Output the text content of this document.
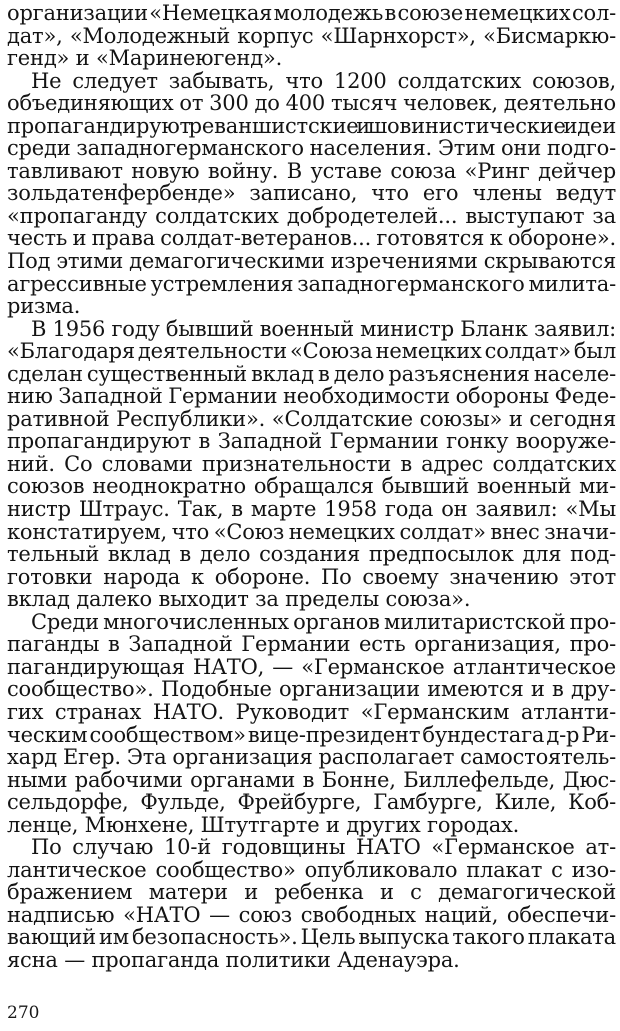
организации «Немецкая молодежь в союзе немецких сол-
дат», «Молодежный корпус «Шарнхорст», «Бисмаркю-
генд» и «Маринеюгенд».
Не следует забывать, что 1200 солдатских союзов,
объединяющих от 300 до 400 тысяч человек, деятельно
пропагандируют реваншистские и шовинистические идеи
среди западногерманского населения. Этим они подго-
тавливают новую войну. В уставе союза «Ринг дейчер
зольдатенфербенде» записано, что его члены ведут
«пропаганду солдатских добродетелей... выступают за
честь и права солдат-ветеранов... готовятся к обороне».
Под этими демагогическими изречениями скрываются
агрессивные устремления западногерманского милита-
ризма.
В 1956 году бывший военный министр Бланк заявил:
«Благодаря деятельности «Союза немецких солдат» был
сделан существенный вклад в дело разъяснения населе-
нию Западной Германии необходимости обороны Феде-
ративной Республики». «Солдатские союзы» и сегодня
пропагандируют в Западной Германии гонку вооруже-
ний. Со словами признательности в адрес солдатских
союзов неоднократно обращался бывший военный ми-
нистр Штраус. Так, в марте 1958 года он заявил: «Мы
констатируем, что «Союз немецких солдат» внес значи-
тельный вклад в дело создания предпосылок для под-
готовки народа к обороне. По своему значению этот
вклад далеко выходит за пределы союза».
Среди многочисленных органов милитаристской про-
паганды в Западной Германии есть организация, про-
пагандирующая НАТО, — «Германское атлантическое
сообщество». Подобные организации имеются и в дру-
гих странах НАТО. Руководит «Германским атланти-
ческим сообществом» вице-президент бундестага д-р Ри-
хард Егер. Эта организация располагает самостоятель-
ными рабочими органами в Бонне, Биллефельде, Дюс-
сельдорфе, Фульде, Фрейбурге, Гамбурге, Киле, Коб-
ленце, Мюнхене, Штутгарте и других городах.
По случаю 10-й годовщины НАТО «Германское ат-
лантическое сообщество» опубликовало плакат с изо-
бражением матери и ребенка и с демагогической
надписью «НАТО — союз свободных наций, обеспечи-
вающий им безопасность». Цель выпуска такого плаката
ясна — пропаганда политики Аденауэра.
270
